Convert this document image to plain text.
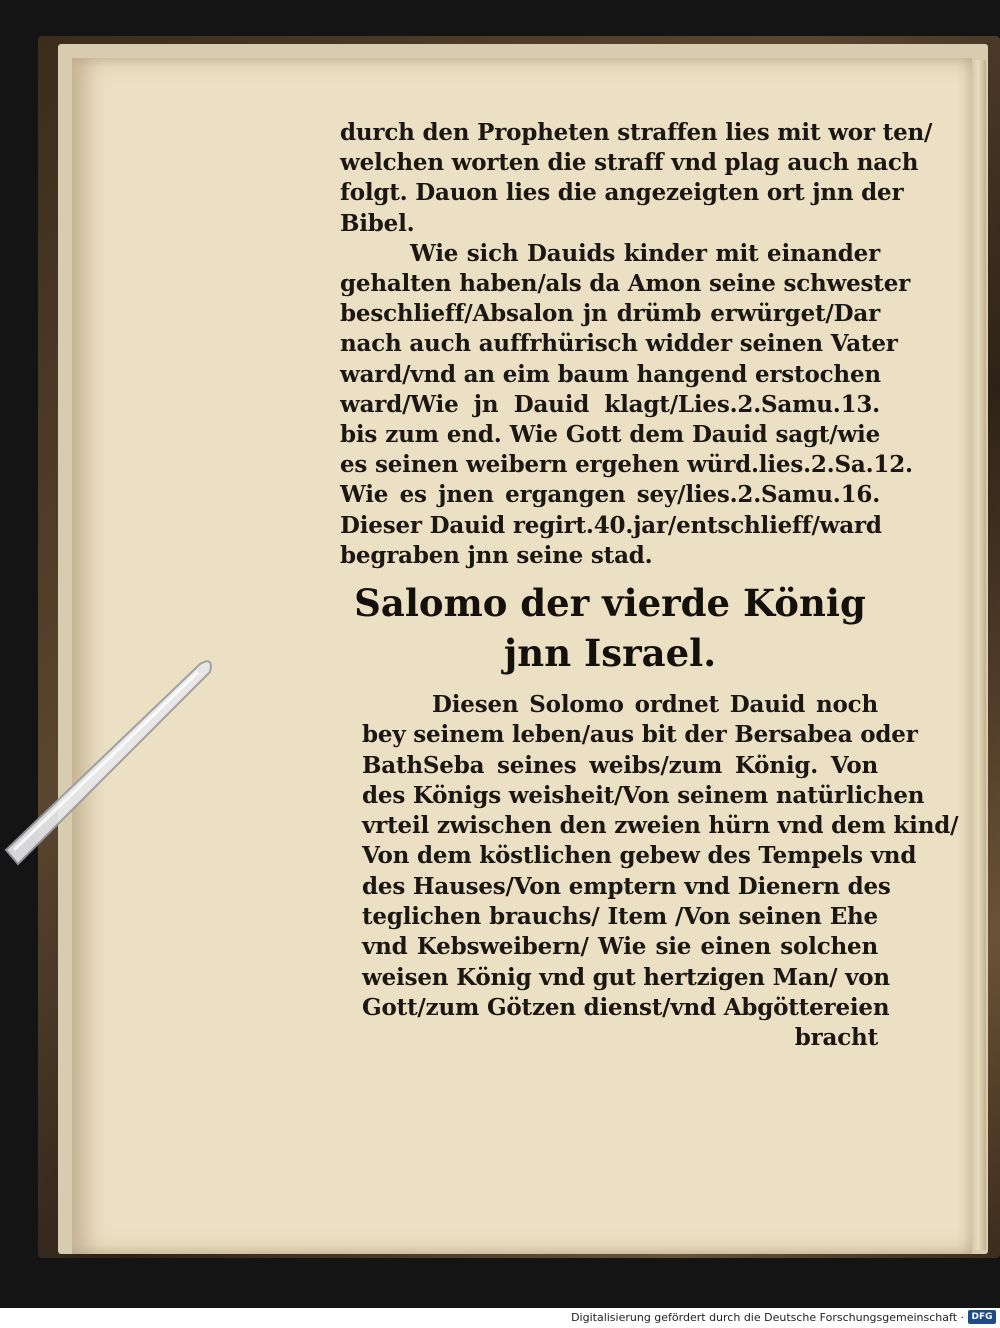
durch den Propheten straffen lies mit wor ten/
welchen worten die straff vnd plag auch nach
folgt. Dauon lies die angezeigten ort jnn der
Bibel.
Wie sich Dauids kinder mit einander
gehalten haben/als da Amon seine schwester
beschlieff/Absalon jn drümb erwürget/Dar
nach auch auffrhürisch widder seinen Vater
ward/vnd an eim baum hangend erstochen
ward/Wie jn Dauid klagt/Lies.2.Samu.13.
bis zum end. Wie Gott dem Dauid sagt/wie
es seinen weibern ergehen würd.lies.2.Sa.12.
Wie es jnen ergangen sey/lies.2.Samu.16.
Dieser Dauid regirt.40.jar/entschlieff/ward
begraben jnn seine stad.
Salomo der vierde König
jnn Israel.
Diesen Solomo ordnet Dauid noch
bey seinem leben/aus bit der Bersabea oder
BathSeba seines weibs/zum König. Von
des Königs weisheit/Von seinem natürlichen
vrteil zwischen den zweien hürn vnd dem kind/
Von dem köstlichen gebew des Tempels vnd
des Hauses/Von emptern vnd Dienern des
teglichen brauchs/ Item /Von seinen Ehe
vnd Kebsweibern/ Wie sie einen solchen
weisen König vnd gut hertzigen Man/ von
Gott/zum Götzen dienst/vnd Abgöttereien
bracht
Digitalisierung gefördert durch die Deutsche Forschungsgemeinschaft · DFG
